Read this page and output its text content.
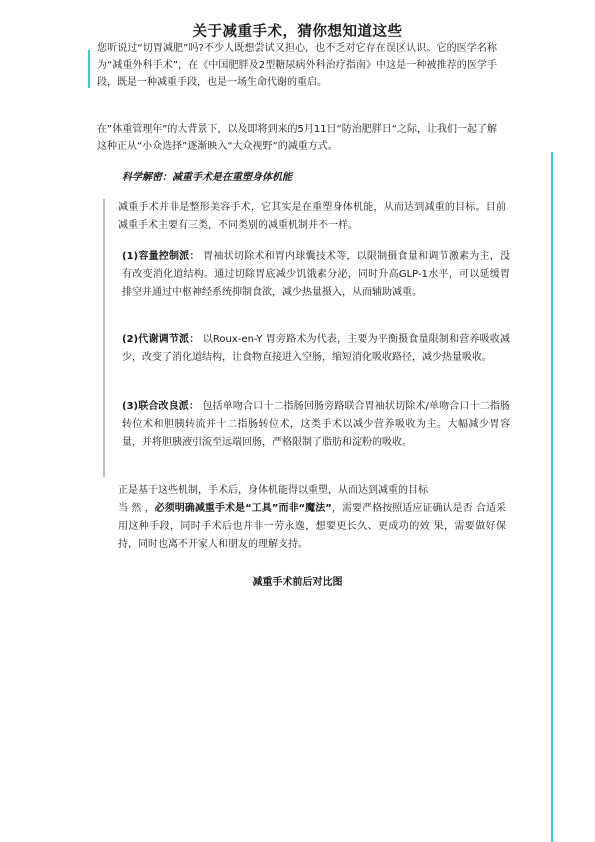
关于减重手术，猜你想知道这些
您听说过“切胃减肥”吗?不少人既想尝试又担心，也不乏对它存在误区认识。它的医学名称为“减重外科手术”，在《中国肥胖及2型糖尿病外科治疗指南》中这是一种被推荐的医学手段，既是一种减重手段，也是一场生命代谢的重启。
在”体重管理年”的大背景下，以及即将到来的5月11日“防治肥胖日“之际，让我们一起了解这种正从“小众选择”逐渐映入“大众视野”的减重方式。
科学解密：减重手术是在重塑身体机能
减重手术并非是整形美容手术，它其实是在重塑身体机能，从而达到减重的目标。目前减重手术主要有三类，不同类别的减重机制并不一样。
(1)容量控制派： 胃袖状切除术和胃内球囊技术等，以限制摄食量和调节激素为主，没有改变消化道结构。通过切除胃底减少饥饿素分泌，同时升高GLP-1水平，可以延缓胃排空并通过中枢神经系统抑制食欲，减少热量摄入，从而辅助减重。
(2)代谢调节派： 以Roux-en-Y 胃旁路术为代表，主要为平衡摄食量限制和营养吸收减少，改变了消化道结构，让食物直接进入空肠，缩短消化吸收路径，减少热量吸收。
(3)联合改良派： 包括单吻合口十二指肠回肠旁路联合胃袖状切除术/单吻合口十二指肠转位术和胆胰转流并十二指肠转位术，这类手术以减少营养吸收为主。大幅减少胃容量，并将胆胰液引流至远端回肠，严格限制了脂肪和淀粉的吸收。
正是基于这些机制，手术后，身体机能得以重塑，从而达到减重的目标
当 然 ，必须明确减重手术是“工具”而非“魔法”，需要严格按照适应证确认是否 合适采用这种手段，同时手术后也并非一劳永逸，想要更长久、更成功的效 果，需要做好保持，同时也离不开家人和朋友的理解支持。
减重手术前后对比图
